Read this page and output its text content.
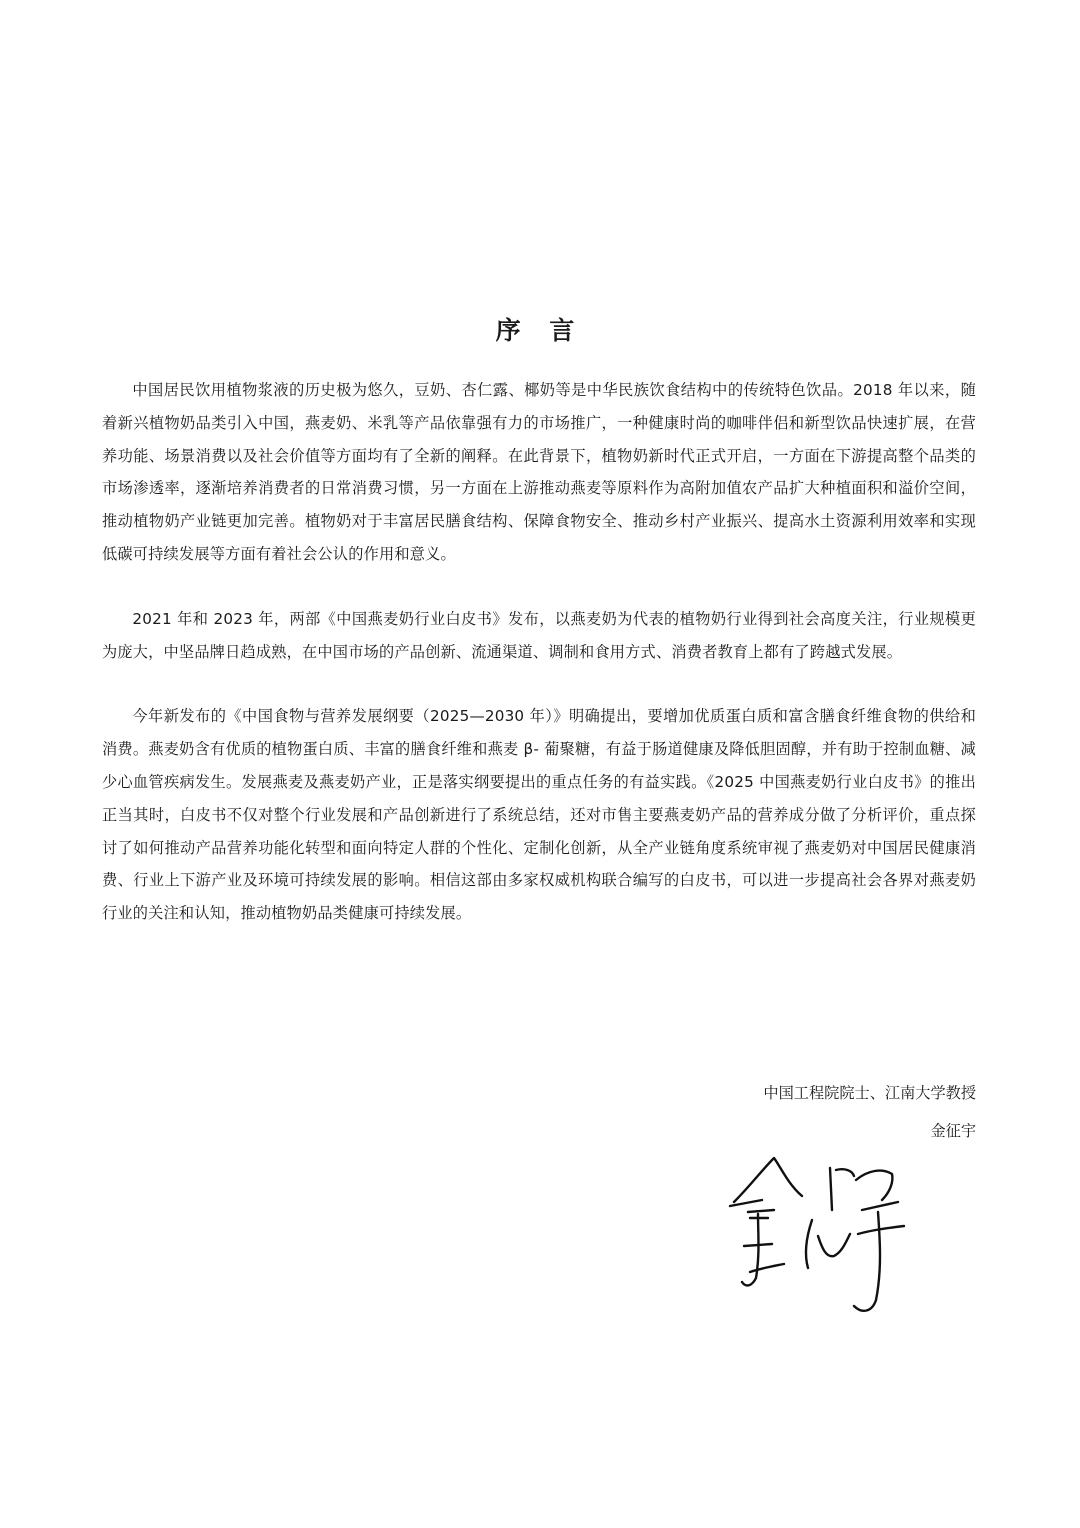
序 言

中国居民饮用植物浆液的历史极为悠久，豆奶、杏仁露、椰奶等是中华民族饮食结构中的传统特色饮品。2018 年以来，随着新兴植物奶品类引入中国，燕麦奶、米乳等产品依靠强有力的市场推广，一种健康时尚的咖啡伴侣和新型饮品快速扩展，在营养功能、场景消费以及社会价值等方面均有了全新的阐释。在此背景下，植物奶新时代正式开启，一方面在下游提高整个品类的市场渗透率，逐渐培养消费者的日常消费习惯，另一方面在上游推动燕麦等原料作为高附加值农产品扩大种植面积和溢价空间，推动植物奶产业链更加完善。植物奶对于丰富居民膳食结构、保障食物安全、推动乡村产业振兴、提高水土资源利用效率和实现低碳可持续发展等方面有着社会公认的作用和意义。

2021 年和 2023 年，两部《中国燕麦奶行业白皮书》发布，以燕麦奶为代表的植物奶行业得到社会高度关注，行业规模更为庞大，中坚品牌日趋成熟，在中国市场的产品创新、流通渠道、调制和食用方式、消费者教育上都有了跨越式发展。

今年新发布的《中国食物与营养发展纲要（2025—2030 年）》明确提出，要增加优质蛋白质和富含膳食纤维食物的供给和消费。燕麦奶含有优质的植物蛋白质、丰富的膳食纤维和燕麦 β- 葡聚糖，有益于肠道健康及降低胆固醇，并有助于控制血糖、减少心血管疾病发生。发展燕麦及燕麦奶产业，正是落实纲要提出的重点任务的有益实践。《2025 中国燕麦奶行业白皮书》的推出正当其时，白皮书不仅对整个行业发展和产品创新进行了系统总结，还对市售主要燕麦奶产品的营养成分做了分析评价，重点探讨了如何推动产品营养功能化转型和面向特定人群的个性化、定制化创新，从全产业链角度系统审视了燕麦奶对中国居民健康消费、行业上下游产业及环境可持续发展的影响。相信这部由多家权威机构联合编写的白皮书，可以进一步提高社会各界对燕麦奶行业的关注和认知，推动植物奶品类健康可持续发展。

中国工程院院士、江南大学教授
金征宇
